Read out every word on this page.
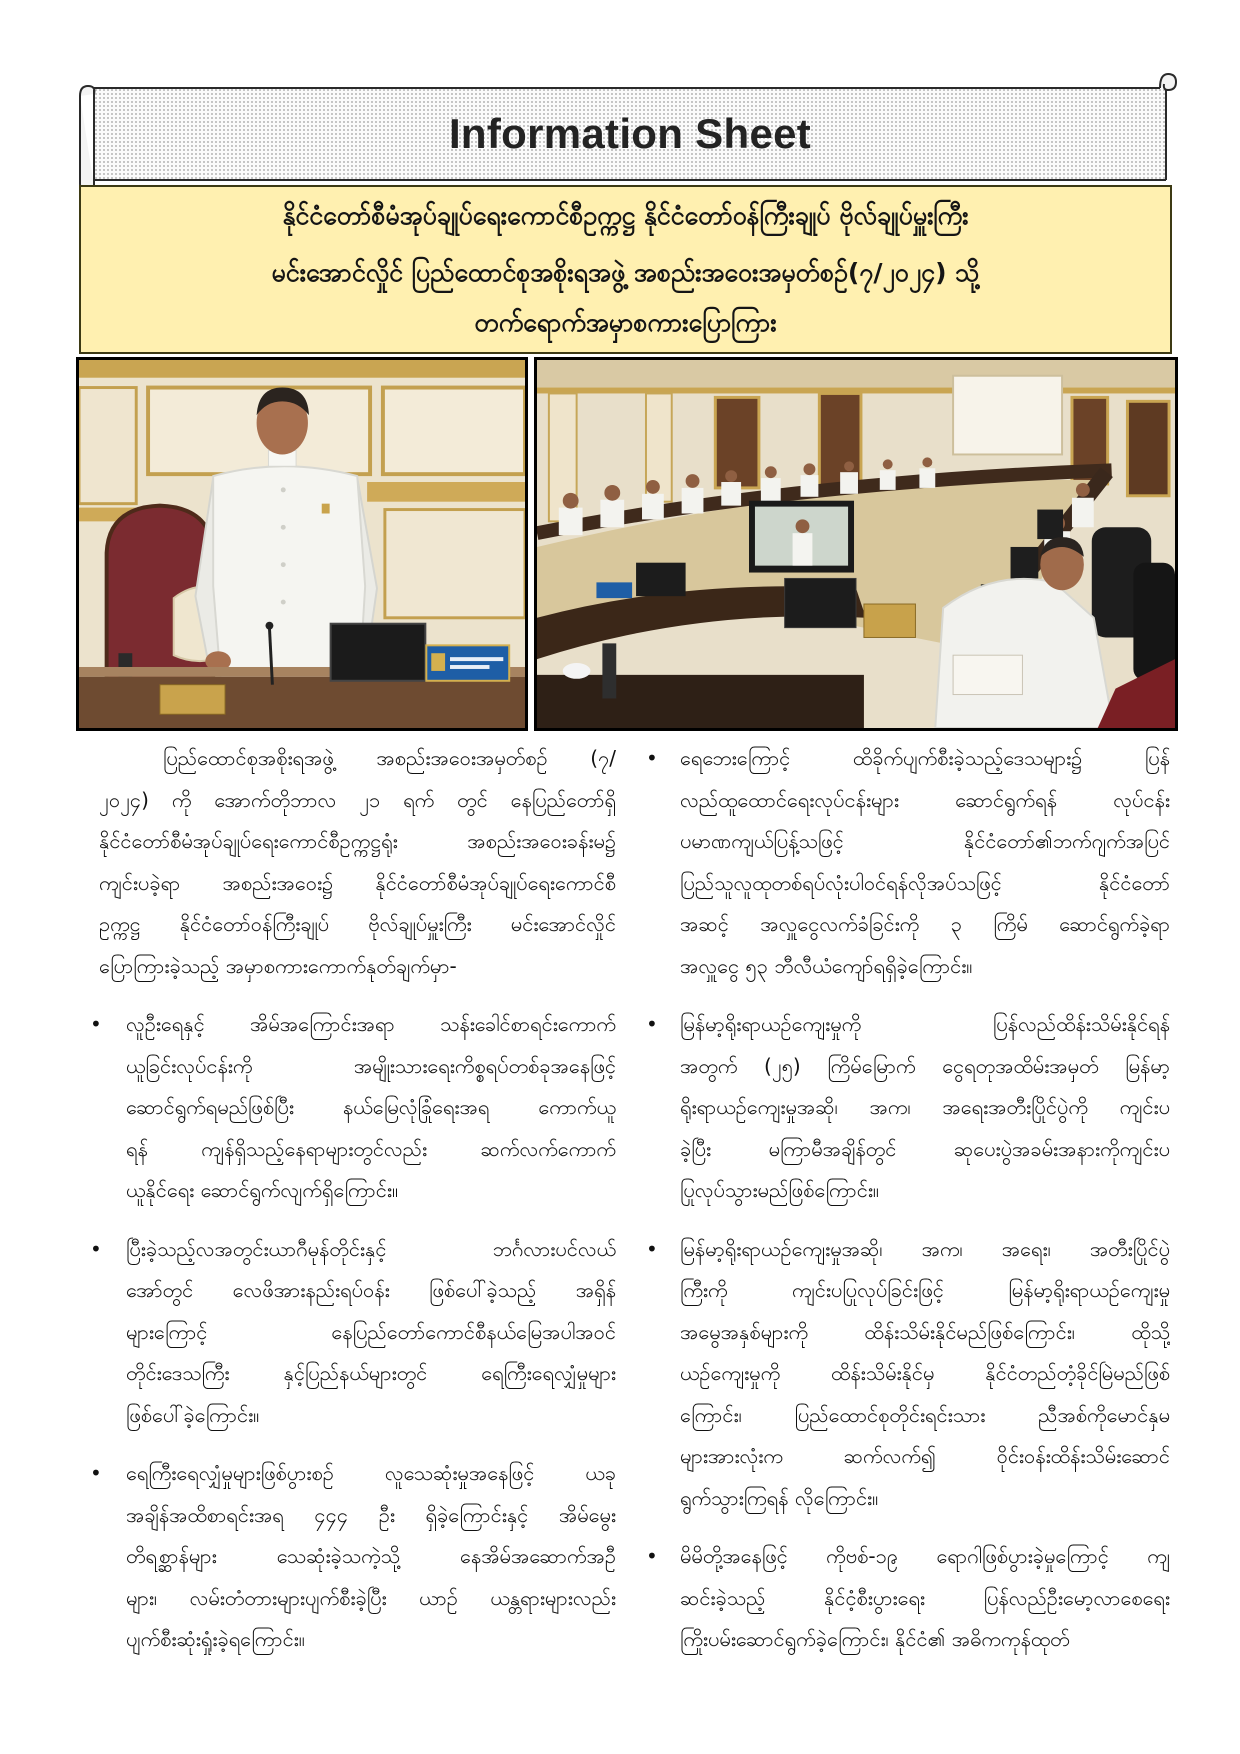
Information Sheet
နိုင်ငံတော်စီမံအုပ်ချုပ်ရေးကောင်စီဥက္ကဋ္ဌ နိုင်ငံတော်ဝန်ကြီးချုပ် ဗိုလ်ချုပ်မှူးကြီး
မင်းအောင်လှိုင် ပြည်ထောင်စုအစိုးရအဖွဲ့ အစည်းအဝေးအမှတ်စဉ်(၇/၂၀၂၄) သို့
တက်ရောက်အမှာစကားပြောကြား
ပြည်ထောင်စုအစိုးရအဖွဲ့ အစည်းအဝေးအမှတ်စဉ် (၇/
၂၀၂၄) ကို အောက်တိုဘာလ ၂၁ ရက် တွင် နေပြည်တော်ရှိ
နိုင်ငံတော်စီမံအုပ်ချုပ်ရေးကောင်စီဥက္ကဋ္ဌရုံး အစည်းအဝေးခန်းမ၌
ကျင်းပခဲ့ရာ အစည်းအဝေး၌ နိုင်ငံတော်စီမံအုပ်ချုပ်ရေးကောင်စီ
ဥက္ကဋ္ဌ နိုင်ငံတော်ဝန်ကြီးချုပ် ဗိုလ်ချုပ်မှူးကြီး မင်းအောင်လှိုင်
ပြောကြားခဲ့သည့် အမှာစကားကောက်နုတ်ချက်မှာ-
•	လူဦးရေနှင့် အိမ်အကြောင်းအရာ သန်းခေါင်စာရင်းကောက်
ယူခြင်းလုပ်ငန်းကို အမျိုးသားရေးကိစ္စရပ်တစ်ခုအနေဖြင့်
ဆောင်ရွက်ရမည်ဖြစ်ပြီး နယ်မြေလုံခြုံရေးအရ ကောက်ယူ
ရန် ကျန်ရှိသည့်နေရာများတွင်လည်း ဆက်လက်ကောက်
ယူနိုင်ရေး ဆောင်ရွက်လျက်ရှိကြောင်း။
•	ပြီးခဲ့သည့်လအတွင်းယာဂီမုန်တိုင်းနှင့် ဘင်္ဂလားပင်လယ်
အော်တွင် လေဖိအားနည်းရပ်ဝန်း ဖြစ်ပေါ်ခဲ့သည့် အရှိန်
များကြောင့် နေပြည်တော်ကောင်စီနယ်မြေအပါအဝင်
တိုင်းဒေသကြီး နှင့်ပြည်နယ်များတွင် ရေကြီးရေလျှံမှုများ
ဖြစ်ပေါ်ခဲ့ကြောင်း။
•	ရေကြီးရေလျှံမှုများဖြစ်ပွားစဉ် လူသေဆုံးမှုအနေဖြင့် ယခု
အချိန်အထိစာရင်းအရ ၄၄၄ ဦး ရှိခဲ့ကြောင်းနှင့် အိမ်မွေး
တိရစ္ဆာန်များ သေဆုံးခဲ့သကဲ့သို့ နေအိမ်အဆောက်အဦ
များ၊ လမ်းတံတားများပျက်စီးခဲ့ပြီး ယာဉ် ယန္တရားများလည်း
ပျက်စီးဆုံးရှုံးခဲ့ရကြောင်း။
•	ရေဘေးကြောင့် ထိခိုက်ပျက်စီးခဲ့သည့်ဒေသများ၌ ပြန်
လည်ထူထောင်ရေးလုပ်ငန်းများ ဆောင်ရွက်ရန် လုပ်ငန်း
ပမာဏကျယ်ပြန့်သဖြင့် နိုင်ငံတော်၏ဘက်ဂျက်အပြင်
ပြည်သူလူထုတစ်ရပ်လုံးပါဝင်ရန်လိုအပ်သဖြင့် နိုင်ငံတော်
အဆင့် အလှူငွေလက်ခံခြင်းကို ၃ ကြိမ် ဆောင်ရွက်ခဲ့ရာ
အလှူငွေ ၅၃ ဘီလီယံကျော်ရရှိခဲ့ကြောင်း။
•	မြန်မာ့ရိုးရာယဉ်ကျေးမှုကို ပြန်လည်ထိန်းသိမ်းနိုင်ရန်
အတွက် (၂၅) ကြိမ်မြောက် ငွေရတုအထိမ်းအမှတ် မြန်မာ့
ရိုးရာယဉ်ကျေးမှုအဆို၊ အက၊ အရေးအတီးပြိုင်ပွဲကို ကျင်းပ
ခဲ့ပြီး မကြာမီအချိန်တွင် ဆုပေးပွဲအခမ်းအနားကိုကျင်းပ
ပြုလုပ်သွားမည်ဖြစ်ကြောင်း။
•	မြန်မာ့ရိုးရာယဉ်ကျေးမှုအဆို၊ အက၊ အရေး၊ အတီးပြိုင်ပွဲ
ကြီးကို ကျင်းပပြုလုပ်ခြင်းဖြင့် မြန်မာ့ရိုးရာယဉ်ကျေးမှု
အမွေအနှစ်များကို ထိန်းသိမ်းနိုင်မည်ဖြစ်ကြောင်း၊ ထိုသို့
ယဉ်ကျေးမှုကို ထိန်းသိမ်းနိုင်မှ နိုင်ငံတည်တံ့ခိုင်မြဲမည်ဖြစ်
ကြောင်း၊ ပြည်ထောင်စုတိုင်းရင်းသား ညီအစ်ကိုမောင်နှမ
များအားလုံးက ဆက်လက်၍ ဝိုင်းဝန်းထိန်းသိမ်းဆောင်
ရွက်သွားကြရန် လိုကြောင်း။
•	မိမိတို့အနေဖြင့် ကိုဗစ်-၁၉ ရောဂါဖြစ်ပွားခဲ့မှုကြောင့် ကျ
ဆင်းခဲ့သည့် နိုင်ငံ့စီးပွားရေး ပြန်လည်ဦးမော့လာစေရေး
ကြိုးပမ်းဆောင်ရွက်ခဲ့ကြောင်း၊ နိုင်ငံ၏ အဓိကကုန်ထုတ်
